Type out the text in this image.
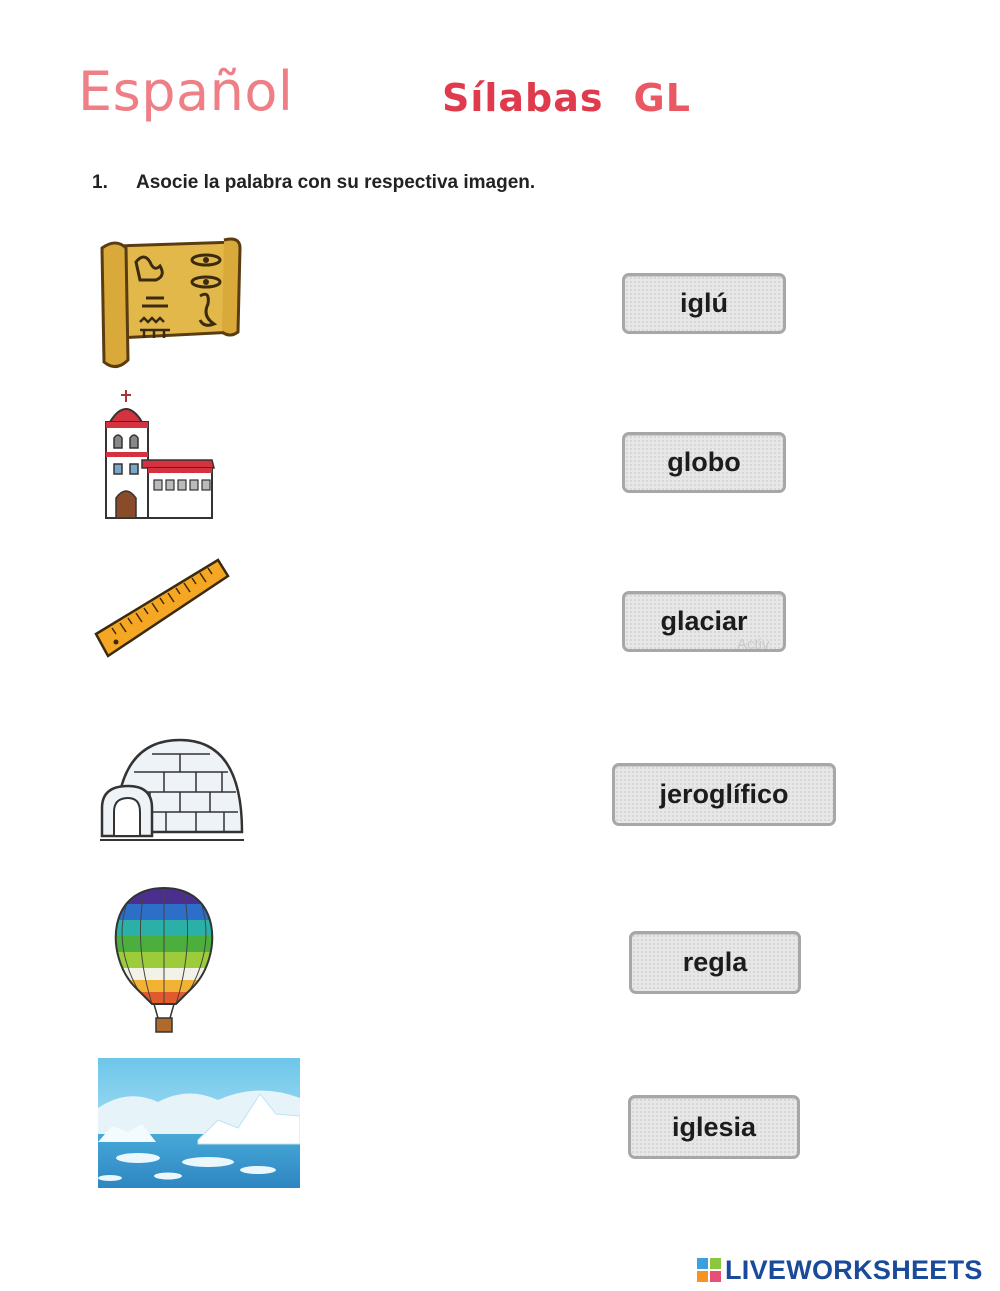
Español	Sílabas GL
1. Asocie la palabra con su respectiva imagen.
iglú
globo
glaciar
jeroglífico
regla
iglesia
Activ
LIVEWORKSHEETS
